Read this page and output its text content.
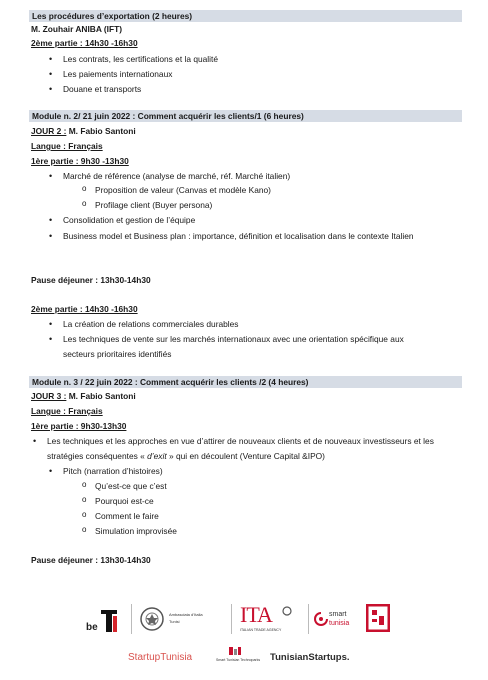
Les procédures d’exportation (2 heures)
M. Zouhair ANIBA (IFT)
2ème partie : 14h30 -16h30
• Les contrats, les certifications et la qualité
• Les paiements internationaux
• Douane et transports
Module n. 2/ 21 juin 2022 : Comment acquérir les clients/1 (6 heures)
JOUR 2 : M. Fabio Santoni
Langue : Français
1ère partie : 9h30 -13h30
• Marché de référence (analyse de marché, réf. Marché italien)
o Proposition de valeur (Canvas et modèle Kano)
o Profilage client (Buyer persona)
• Consolidation et gestion de l’équipe
• Business model et Business plan : importance, définition et localisation dans le contexte Italien
Pause déjeuner : 13h30-14h30
2ème partie : 14h30 -16h30
• La création de relations commerciales durables
• Les techniques de vente sur les marchés internationaux avec une orientation spécifique aux
secteurs prioritaires identifiés
Module n. 3 / 22 juin 2022 : Comment acquérir les clients /2 (4 heures)
JOUR 3 : M. Fabio Santoni
Langue : Français
1ère partie : 9h30-13h30
• Les techniques et les approches en vue d’attirer de nouveaux clients et de nouveaux investisseurs et les
stratégies conséquentes « d’exit » qui en découlent (Venture Capital &IPO)
• Pitch (narration d’histoires)
o Qu’est-ce que c’est
o Pourquoi est-ce
o Comment le faire
o Simulation improvisée
Pause déjeuner : 13h30-14h30
be
Ambasciata d’Italia
Tunisi	ITA
ITALIAN TRADE AGENCY
smart
tunisia
StartupTunisia	Smart Tunisian Technoparks TunisianStartups.
